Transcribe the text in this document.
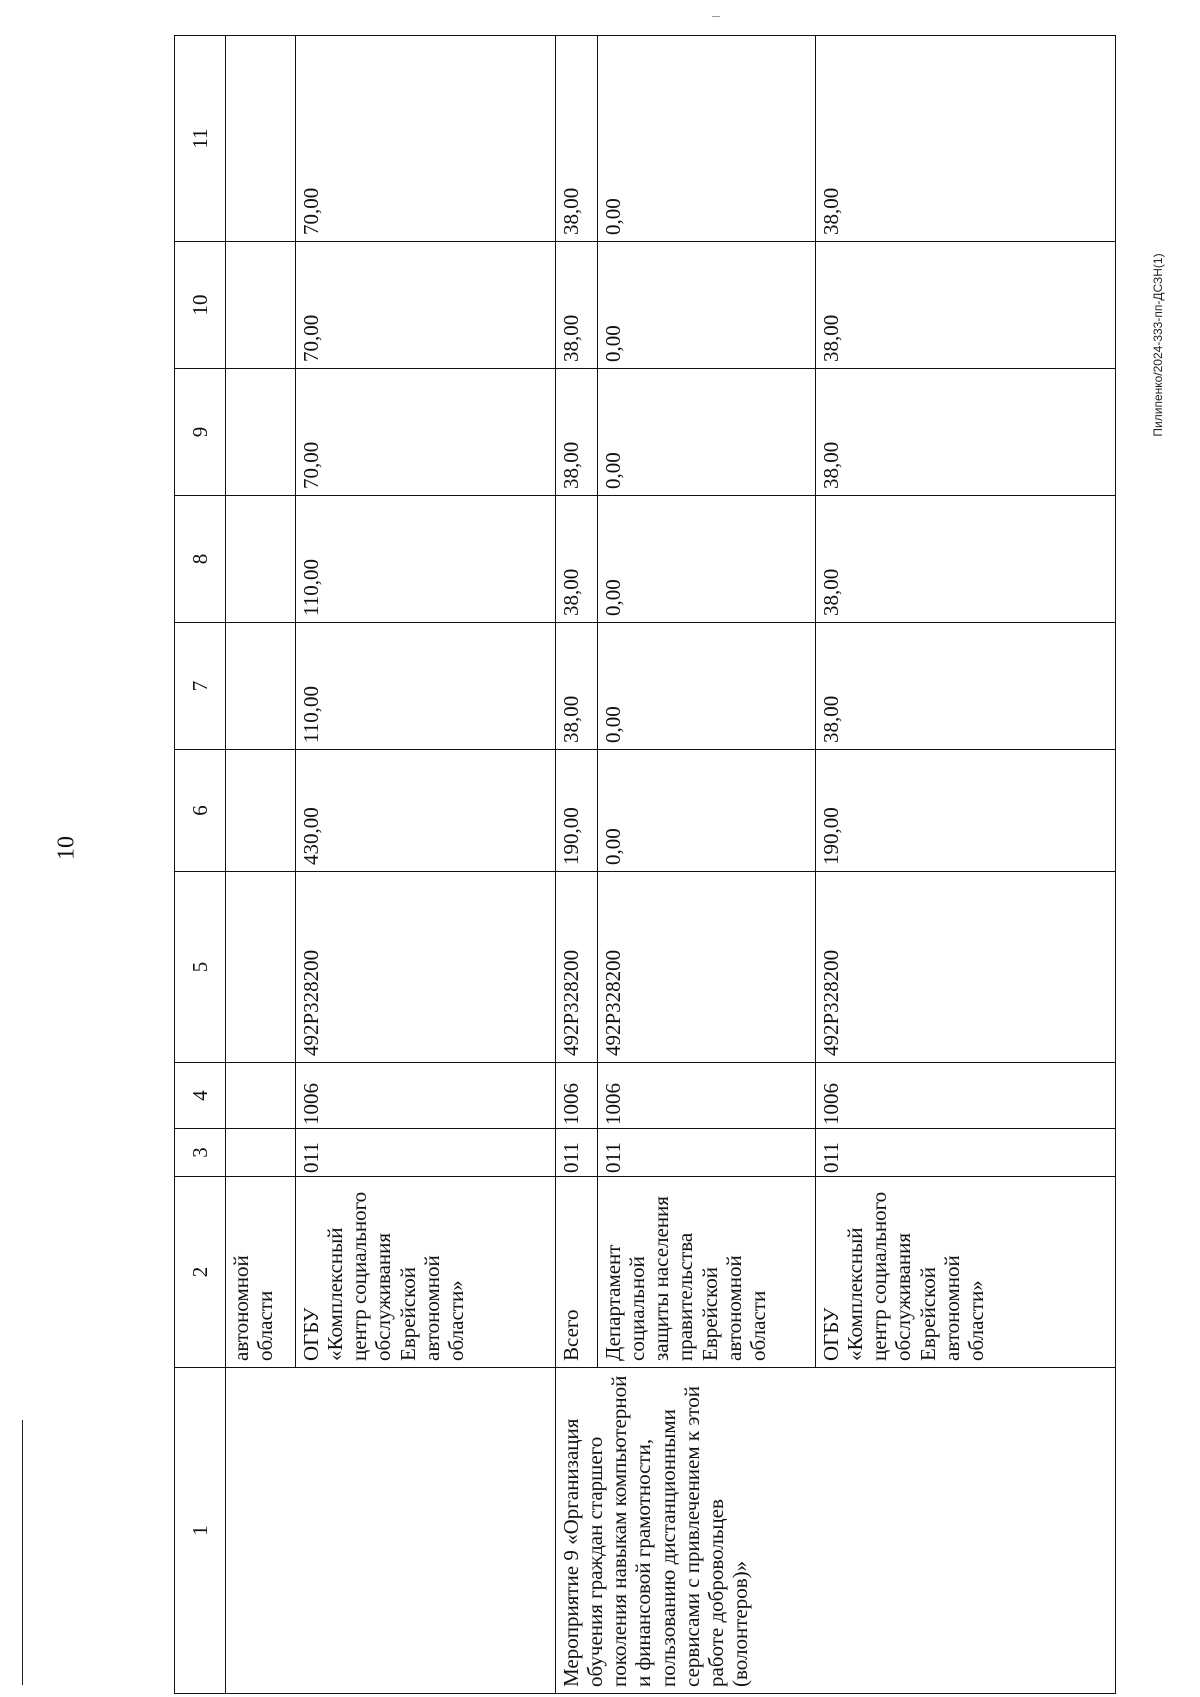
10
Пилипенко/2024-333-пп-ДСЗН(1)
1	2	3	4	5	6	7	8	9	10	11
	автономной области									
	ОГБУ «Комплексный центр социального обслуживания Еврейской автономной области»	011	1006	492Р328200	430,00	110,00	110,00	70,00	70,00	70,00
Мероприятие 9 «Организация обучения граждан старшего поколения навыкам компьютерной и финансовой грамотности, пользованию дистанционными сервисами с привлечением к этой работе добровольцев (волонтеров)»	Всего	011	1006	492Р328200	190,00	38,00	38,00	38,00	38,00	38,00
	Департамент социальной защиты населения правительства Еврейской автономной области	011	1006	492Р328200	0,00	0,00	0,00	0,00	0,00	0,00
	ОГБУ «Комплексный центр социального обслуживания Еврейской автономной области»	011	1006	492Р328200	190,00	38,00	38,00	38,00	38,00	38,00
